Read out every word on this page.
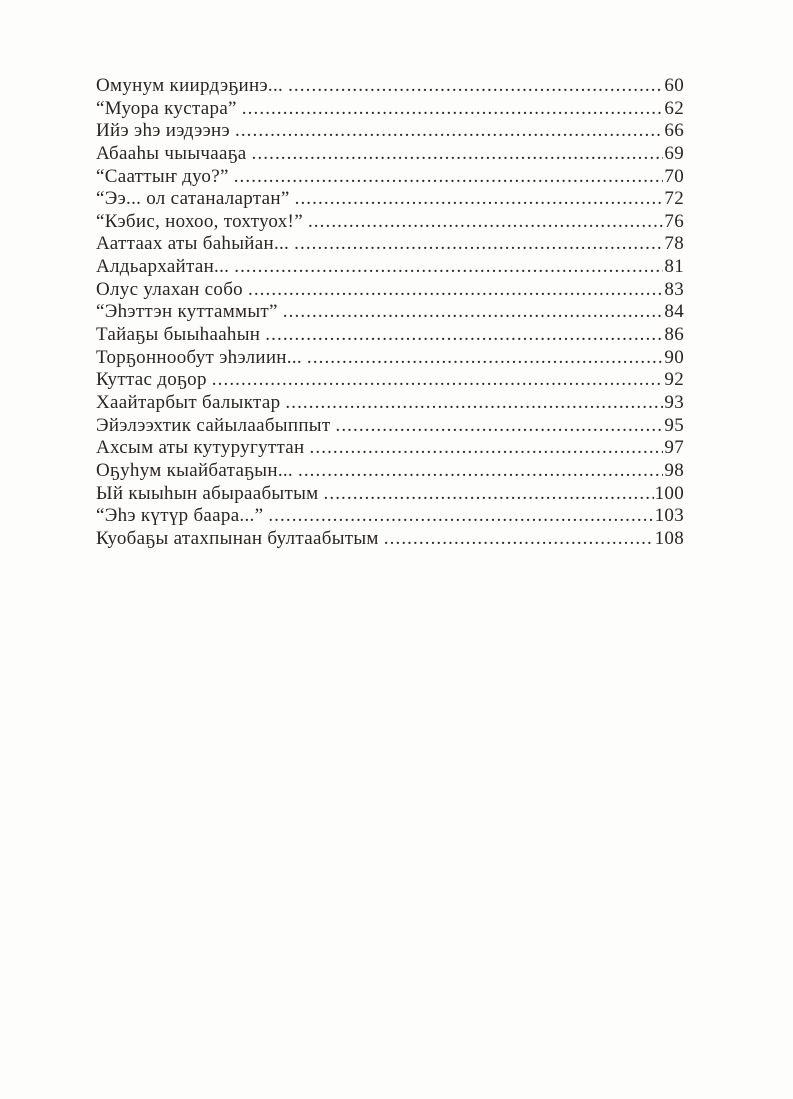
Омунум киирдэҕинэ... .....	60
“Муора кустара” .....	62
Ийэ эһэ иэдээнэ .....	66
Абааһы чыычааҕа .....	69
“Сааттыҥ дуо?” .....	70
“Ээ... ол сатаналартан” .....	72
“Кэбис, нохоо, тохтуох!” .....	76
Ааттаах аты баһыйан... .....	78
Алдьархайтан... .....	81
Олус улахан собо .....	83
“Эһэттэн куттаммыт” .....	84
Тайаҕы быыһааһын .....	86
Торҕоннообут эһэлиин... .....	90
Куттас доҕор .....	92
Хаайтарбыт балыктар .....	93
Эйэлээхтик сайылаабыппыт .....	95
Ахсым аты кутуругуттан .....	97
Оҕуһум кыайбатаҕын... .....	98
Ый кыыһын абыраабытым .....	100
“Эһэ күтүр баара...” .....	103
Куобаҕы атахпынан бултаабытым .....	108
